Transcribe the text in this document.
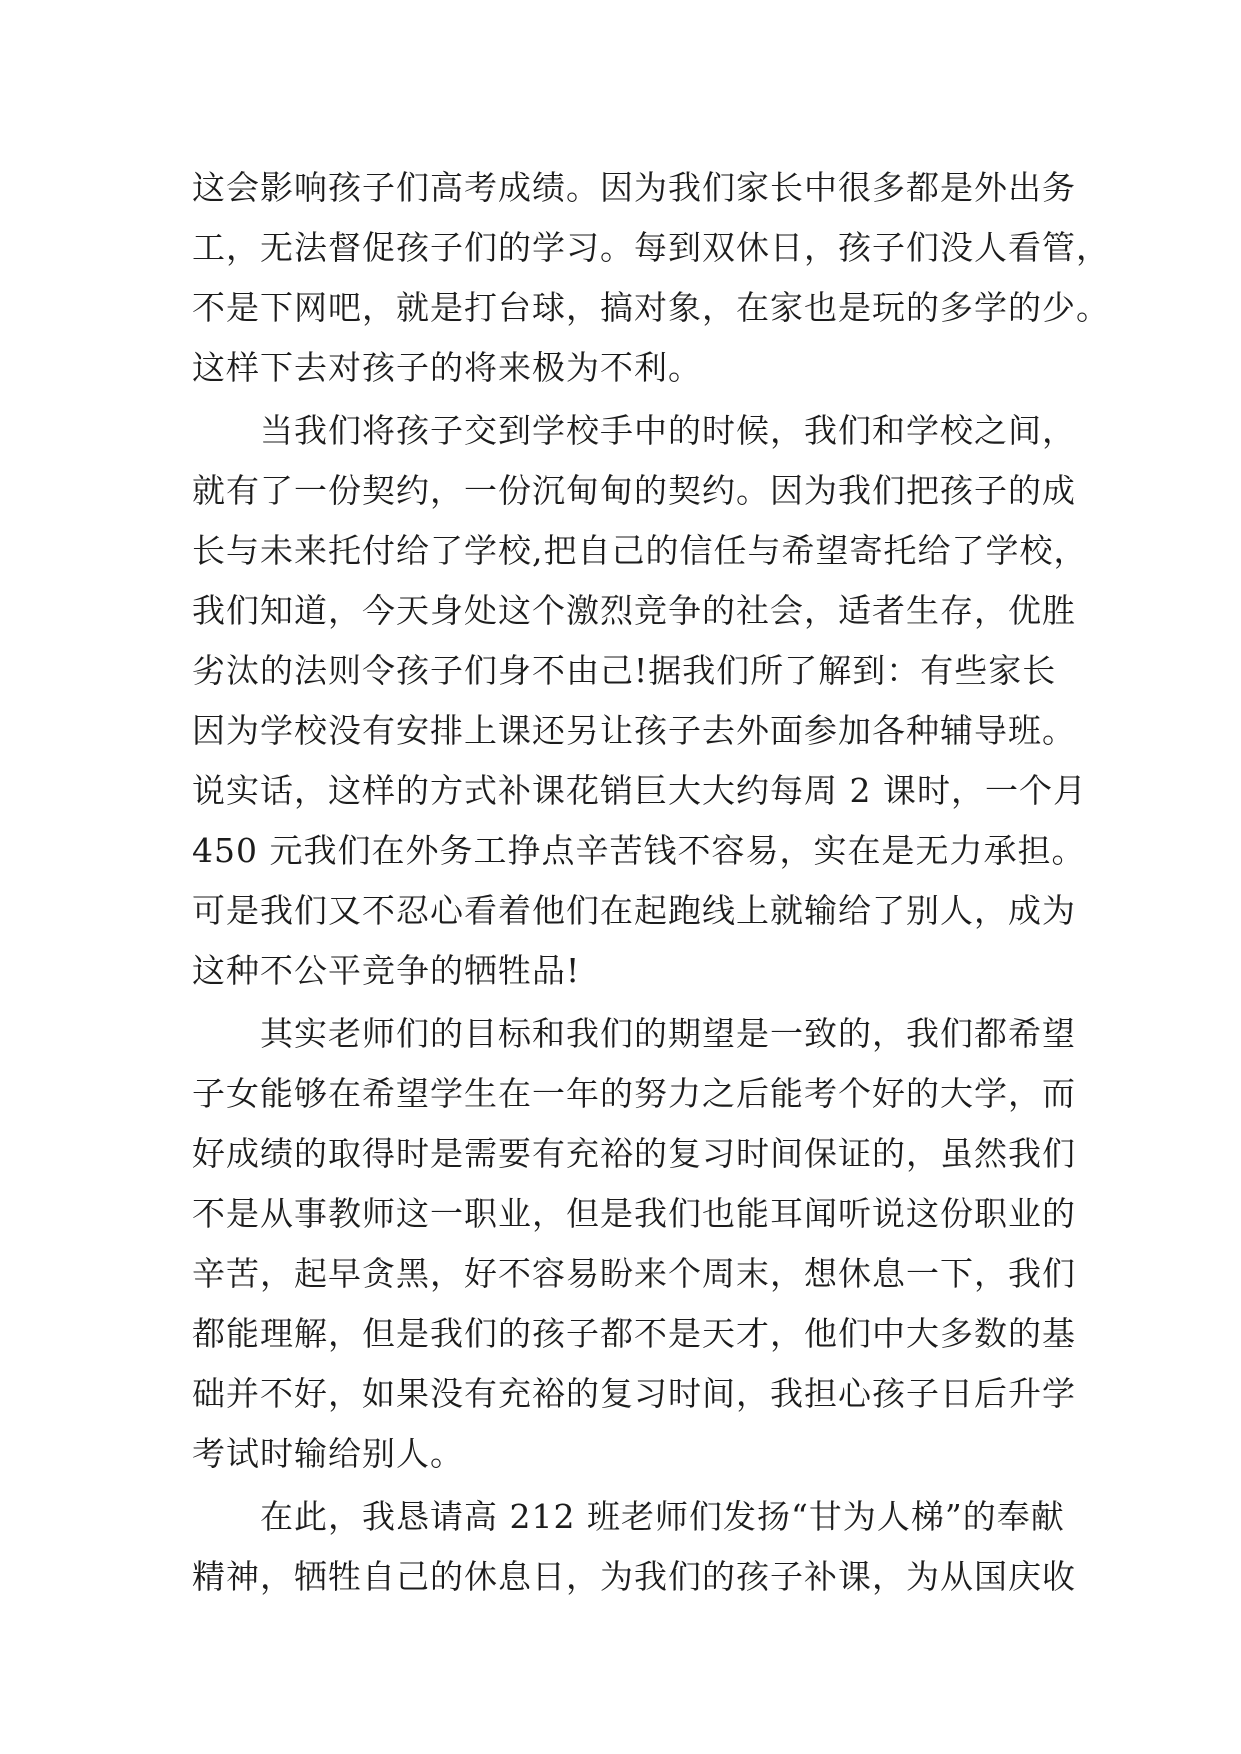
这会影响孩子们高考成绩。因为我们家长中很多都是外出务
工，无法督促孩子们的学习。每到双休日，孩子们没人看管，
不是下网吧，就是打台球，搞对象，在家也是玩的多学的少。
这样下去对孩子的将来极为不利。
当我们将孩子交到学校手中的时候，我们和学校之间，
就有了一份契约，一份沉甸甸的契约。因为我们把孩子的成
长与未来托付给了学校,把自己的信任与希望寄托给了学校，
我们知道，今天身处这个激烈竞争的社会，适者生存，优胜
劣汰的法则令孩子们身不由己!据我们所了解到：有些家长
因为学校没有安排上课还另让孩子去外面参加各种辅导班。
说实话，这样的方式补课花销巨大大约每周 2 课时，一个月
450 元我们在外务工挣点辛苦钱不容易，实在是无力承担。
可是我们又不忍心看着他们在起跑线上就输给了别人，成为
这种不公平竞争的牺牲品!
其实老师们的目标和我们的期望是一致的，我们都希望
子女能够在希望学生在一年的努力之后能考个好的大学，而
好成绩的取得时是需要有充裕的复习时间保证的，虽然我们
不是从事教师这一职业，但是我们也能耳闻听说这份职业的
辛苦，起早贪黑，好不容易盼来个周末，想休息一下，我们
都能理解，但是我们的孩子都不是天才，他们中大多数的基
础并不好，如果没有充裕的复习时间，我担心孩子日后升学
考试时输给别人。
在此，我恳请高 212 班老师们发扬“甘为人梯”的奉献
精神，牺牲自己的休息日，为我们的孩子补课，为从国庆收
